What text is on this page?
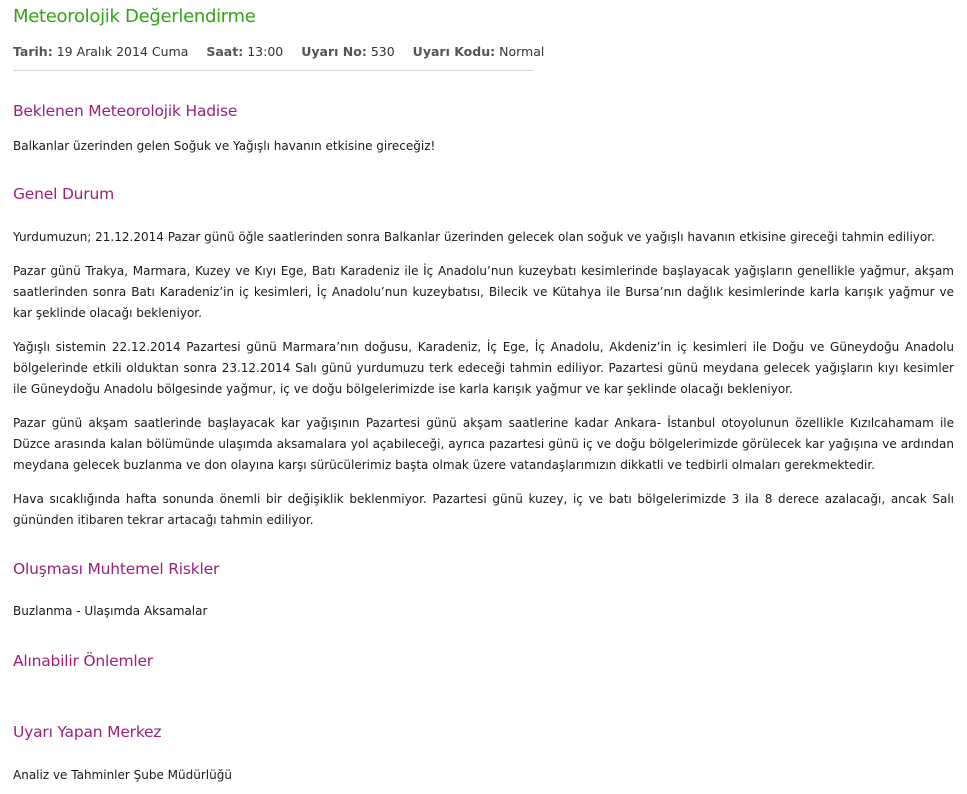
Meteorolojik Değerlendirme
Tarih: 19 Aralık 2014 Cuma Saat: 13:00 Uyarı No: 530 Uyarı Kodu: Normal
Beklenen Meteorolojik Hadise

Balkanlar üzerinden gelen Soğuk ve Yağışlı havanın etkisine gireceğiz!

Genel Durum

Yurdumuzun; 21.12.2014 Pazar günü öğle saatlerinden sonra Balkanlar üzerinden gelecek olan soğuk ve yağışlı havanın etkisine gireceği tahmin ediliyor.

Pazar günü Trakya, Marmara, Kuzey ve Kıyı Ege, Batı Karadeniz ile İç Anadolu’nun kuzeybatı kesimlerinde başlayacak yağışların genellikle yağmur, akşam saatlerinden sonra Batı Karadeniz’in iç kesimleri, İç Anadolu’nun kuzeybatısı, Bilecik ve Kütahya ile Bursa’nın dağlık kesimlerinde karla karışık yağmur ve kar şeklinde olacağı bekleniyor.

Yağışlı sistemin 22.12.2014 Pazartesi günü Marmara’nın doğusu, Karadeniz, İç Ege, İç Anadolu, Akdeniz’in iç kesimleri ile Doğu ve Güneydoğu Anadolu bölgelerinde etkili olduktan sonra 23.12.2014 Salı günü yurdumuzu terk edeceği tahmin ediliyor. Pazartesi günü meydana gelecek yağışların kıyı kesimler ile Güneydoğu Anadolu bölgesinde yağmur, iç ve doğu bölgelerimizde ise karla karışık yağmur ve kar şeklinde olacağı bekleniyor.

Pazar günü akşam saatlerinde başlayacak kar yağışının Pazartesi günü akşam saatlerine kadar Ankara- İstanbul otoyolunun özellikle Kızılcahamam ile Düzce arasında kalan bölümünde ulaşımda aksamalara yol açabileceği, ayrıca pazartesi günü iç ve doğu bölgelerimizde görülecek kar yağışına ve ardından meydana gelecek buzlanma ve don olayına karşı sürücülerimiz başta olmak üzere vatandaşlarımızın dikkatli ve tedbirli olmaları gerekmektedir.

Hava sıcaklığında hafta sonunda önemli bir değişiklik beklenmiyor. Pazartesi günü kuzey, iç ve batı bölgelerimizde 3 ila 8 derece azalacağı, ancak Salı gününden itibaren tekrar artacağı tahmin ediliyor.

Oluşması Muhtemel Riskler

Buzlanma - Ulaşımda Aksamalar

Alınabilir Önlemler
Uyarı Yapan Merkez

Analiz ve Tahminler Şube Müdürlüğü
